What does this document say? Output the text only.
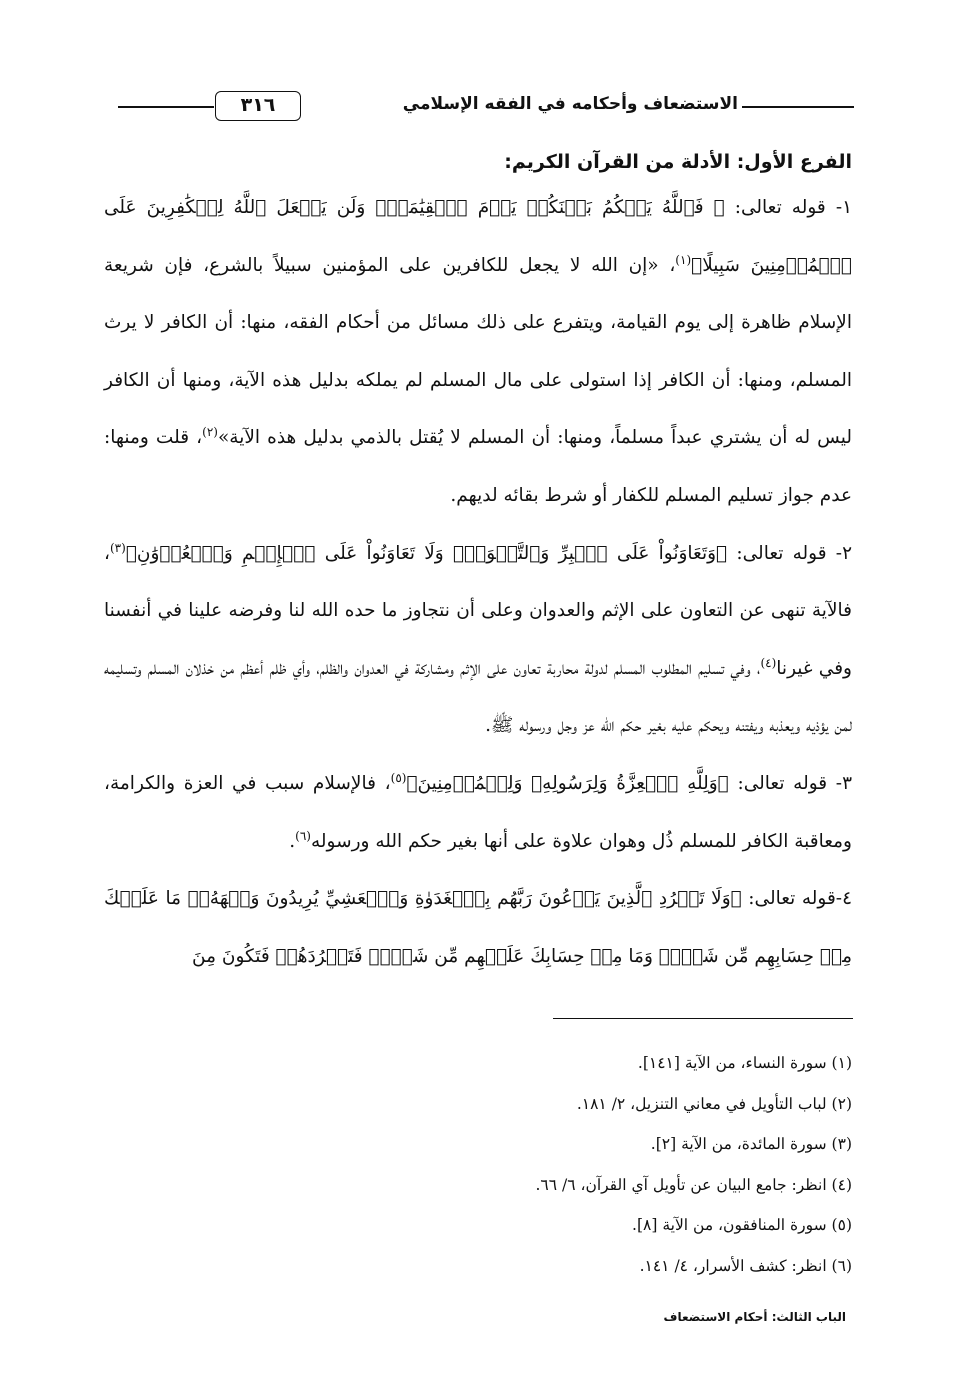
الاستضعاف وأحكامه في الفقه الإسلامي
٣١٦
الفرع الأول: الأدلة من القرآن الكريم:

١- قوله تعالى: ﴿ فَٱللَّهُ يَحۡكُمُ بَيۡنَكُمۡ يَوۡمَ ٱلۡقِيَٰمَةِۗ وَلَن يَجۡعَلَ ٱللَّهُ لِلۡكَٰفِرِينَ عَلَى ٱلۡمُؤۡمِنِينَ سَبِيلًا﴾$^{(١)}$، «إن الله لا يجعل للكافرين على المؤمنين سبيلاً بالشرع، فإن شريعة الإسلام ظاهرة إلى يوم القيامة، ويتفرع على ذلك مسائل من أحكام الفقه، منها: أن الكافر لا يرث المسلم، ومنها: أن الكافر إذا استولى على مال المسلم لم يملكه بدليل هذه الآية، ومنها أن الكافر ليس له أن يشتري عبداً مسلماً، ومنها: أن المسلم لا يُقتل بالذمي بدليل هذه الآية»$^{(٢)}$، قلت ومنها: عدم جواز تسليم المسلم للكفار أو شرط بقائه لديهم.

٢- قوله تعالى: ﴿وَتَعَاوَنُواْ عَلَى ٱلۡبِرِّ وَٱلتَّقۡوَىٰۖ وَلَا تَعَاوَنُواْ عَلَى ٱلۡإِثۡمِ وَٱلۡعُدۡوَٰنِ﴾$^{(٣)}$، فالآية تنهى عن التعاون على الإثم والعدوان وعلى أن نتجاوز ما حده الله لنا وفرضه علينا في أنفسنا وفي غيرنا$^{(٤)}$، وفي تسليم المطلوب المسلم لدولة محاربة تعاون على الإثم ومشاركة في العدوان والظلم، وأي ظلم أعظم من خذلان المسلم وتسليمه لمن يؤذيه ويعذبه ويفتنه ويحكم عليه بغير حكم الله عز وجل ورسوله ﷺ.

٣- قوله تعالى: ﴿وَلِلَّهِ ٱلۡعِزَّةُ وَلِرَسُولِهِۦ وَلِلۡمُؤۡمِنِينَ﴾$^{(٥)}$، فالإسلام سبب في العزة والكرامة، ومعاقبة الكافر للمسلم ذُل وهوان علاوة على أنها بغير حكم الله ورسوله$^{(٦)}$.

٤-قوله تعالى: ﴿وَلَا تَطۡرُدِ ٱلَّذِينَ يَدۡعُونَ رَبَّهُم بِٱلۡغَدَوٰةِ وَٱلۡعَشِيِّ يُرِيدُونَ وَجۡهَهُۥۖ مَا عَلَيۡكَ مِنۡ حِسَابِهِم مِّن شَيۡءٖ وَمَا مِنۡ حِسَابِكَ عَلَيۡهِم مِّن شَيۡءٖ فَتَطۡرُدَهُمۡ فَتَكُونَ مِنَ

(١) سورة النساء، من الآية [١٤١].
(٢) لباب التأويل في معاني التنزيل، ٢/ ١٨١.
(٣) سورة المائدة، من الآية [٢].
(٤) انظر: جامع البيان عن تأويل آي القرآن، ٦/ ٦٦.
(٥) سورة المنافقون، من الآية [٨].
(٦) انظر: كشف الأسرار، ٤/ ١٤١.
الباب الثالث: أحكام الاستضعاف
